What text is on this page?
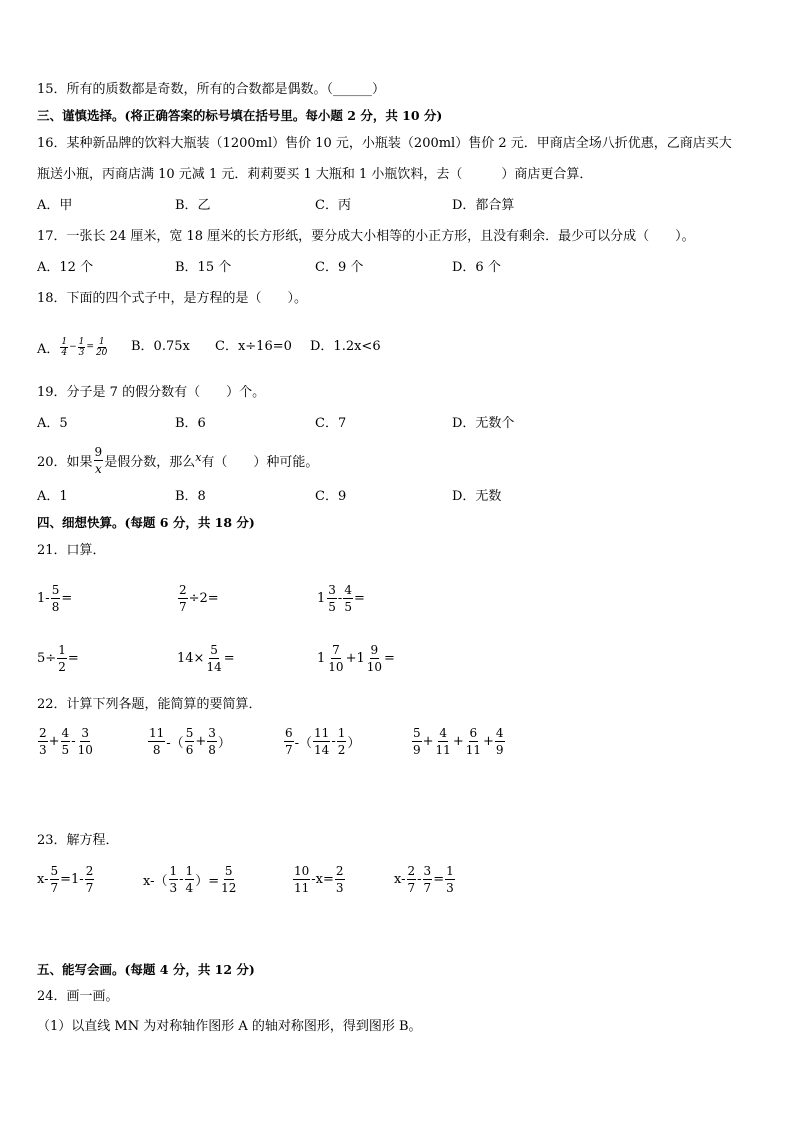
15．所有的质数都是奇数，所有的合数都是偶数。（______）
三、谨慎选择。(将正确答案的标号填在括号里。每小题 2 分，共 10 分)
16．某种新品牌的饮料大瓶装（1200ml）售价 10 元，小瓶装（200ml）售价 2 元．甲商店全场八折优惠，乙商店买大
瓶送小瓶，丙商店满 10 元减 1 元．莉莉要买 1 大瓶和 1 小瓶饮料，去（　　　）商店更合算．
A．甲	B．乙	C．丙	D．都合算
17．一张长 24 厘米，宽 18 厘米的长方形纸，要分成大小相等的小正方形，且没有剩余．最少可以分成（　　）。
A．12 个	B．15 个	C．9 个	D．6 个
18．下面的四个式子中，是方程的是（　　）。
A． $\frac{1}{4} - \frac{1}{3} = \frac{1}{20}$ B．0.75x C．x÷16=0 D．1.2x<6
19．分子是 7 的假分数有（　　）个。
A．5	B．6	C．7	D．无数个
20．如果 $\frac{9}{x}$ 是假分数，那么 x 有（　　）种可能。
A．1	B．8	C．9	D．无数
四、细想快算。(每题 6 分，共 18 分)
21．口算．
$1 - \frac{5}{8}$ =	$\frac{2}{7} \div 2=$	$1 \frac{3}{5} - \frac{4}{5}$ =
$5 \div \frac{1}{2}$ =	$14 \times \frac{5}{14}$ =	$1 \frac{7}{10} +1 \frac{9}{10}$ =
22．计算下列各题，能简算的要简算．
$\frac{2}{3} + \frac{4}{5} - \frac{3}{10}$	$\frac{11}{8}$ -（ $\frac{5}{6} + \frac{3}{8}$ ）	$\frac{6}{7}$ -（ $\frac{11}{14} - \frac{1}{2}$ ）	$\frac{5}{9} + \frac{4}{11} + \frac{6}{11} + \frac{4}{9}$
23．解方程．
$x- \frac{5}{7} =1- \frac{2}{7}$	$x-( \frac{1}{3} - \frac{1}{4}$ ）= $\frac{5}{12}$	$\frac{10}{11} -x= \frac{2}{3}$	$x- \frac{2}{7} - \frac{3}{7} = \frac{1}{3}$
五、能写会画。(每题 4 分，共 12 分)
24．画一画。
（1）以直线 MN 为对称轴作图形 A 的轴对称图形，得到图形 B。
